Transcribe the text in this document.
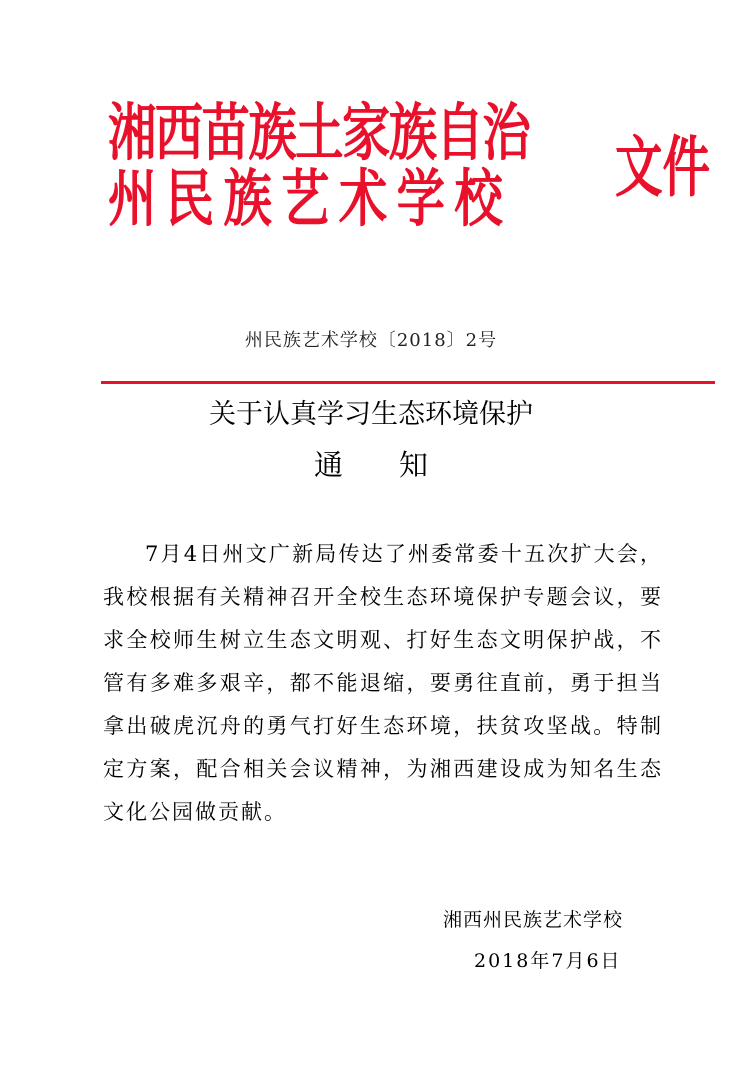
湘西苗族土家族自治
州民族艺术学校 文件
州民族艺术学校〔2018〕2号
关于认真学习生态环境保护
通知

7月4日州文广新局传达了州委常委十五次扩大会，我校根据有关精神召开全校生态环境保护专题会议，要求全校师生树立生态文明观、打好生态文明保护战，不管有多难多艰辛，都不能退缩，要勇往直前，勇于担当拿出破虎沉舟的勇气打好生态环境，扶贫攻坚战。特制定方案，配合相关会议精神，为湘西建设成为知名生态文化公园做贡献。

湘西州民族艺术学校
2018年7月6日
